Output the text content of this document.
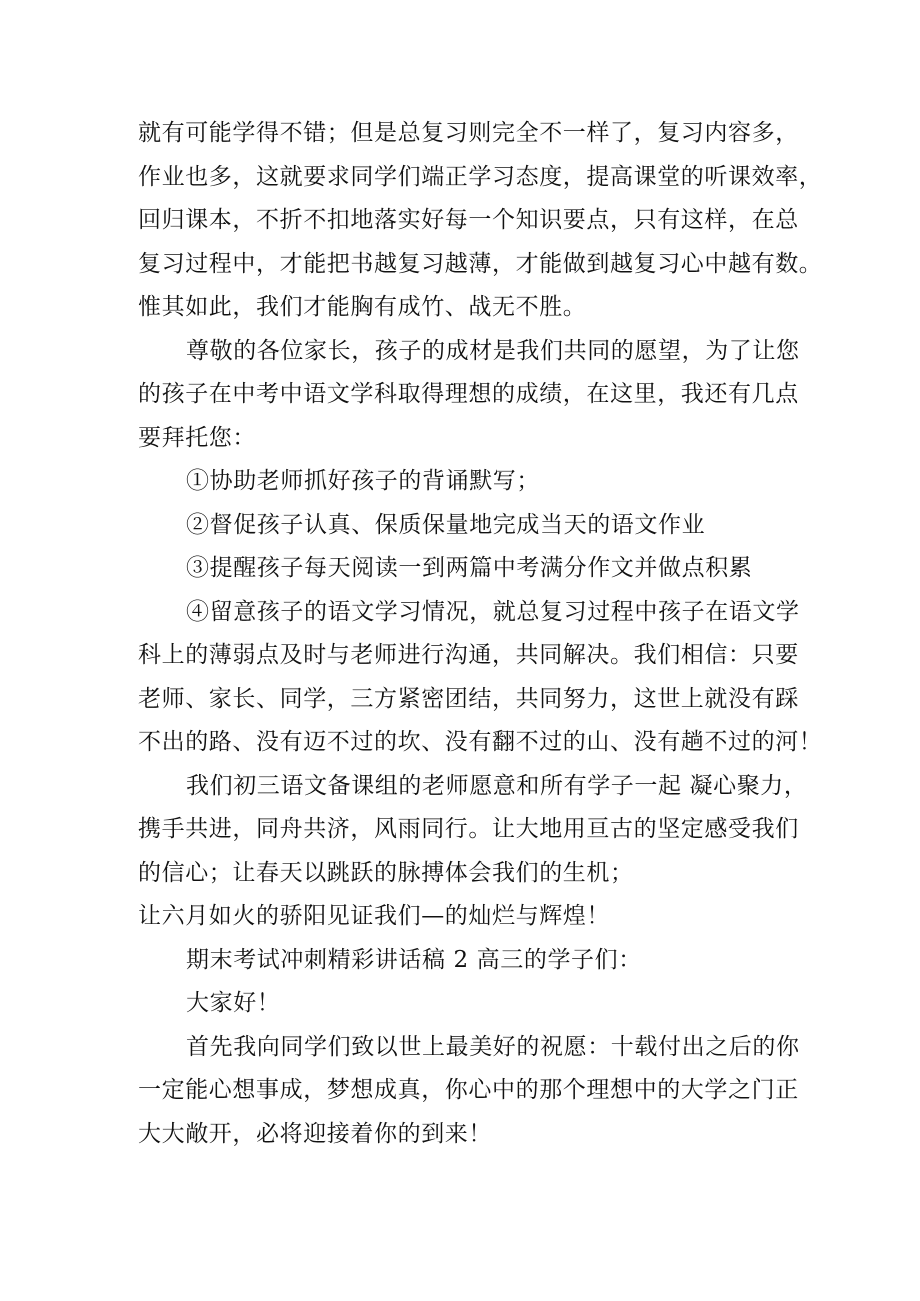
就有可能学得不错；但是总复习则完全不一样了，复习内容多，
作业也多，这就要求同学们端正学习态度，提高课堂的听课效率，
回归课本，不折不扣地落实好每一个知识要点，只有这样，在总
复习过程中，才能把书越复习越薄，才能做到越复习心中越有数。
惟其如此，我们才能胸有成竹、战无不胜。
尊敬的各位家长，孩子的成材是我们共同的愿望，为了让您
的孩子在中考中语文学科取得理想的成绩，在这里，我还有几点
要拜托您：
①协助老师抓好孩子的背诵默写；
②督促孩子认真、保质保量地完成当天的语文作业
③提醒孩子每天阅读一到两篇中考满分作文并做点积累
④留意孩子的语文学习情况，就总复习过程中孩子在语文学
科上的薄弱点及时与老师进行沟通，共同解决。我们相信：只要
老师、家长、同学，三方紧密团结，共同努力，这世上就没有踩
不出的路、没有迈不过的坎、没有翻不过的山、没有趟不过的河！
我们初三语文备课组的老师愿意和所有学子一起 凝心聚力，
携手共进，同舟共济，风雨同行。让大地用亘古的坚定感受我们
的信心；让春天以跳跃的脉搏体会我们的生机；
让六月如火的骄阳见证我们—的灿烂与辉煌！
期末考试冲刺精彩讲话稿 2 高三的学子们：
大家好！
首先我向同学们致以世上最美好的祝愿：十载付出之后的你
一定能心想事成，梦想成真，你心中的那个理想中的大学之门正
大大敞开，必将迎接着你的到来！
